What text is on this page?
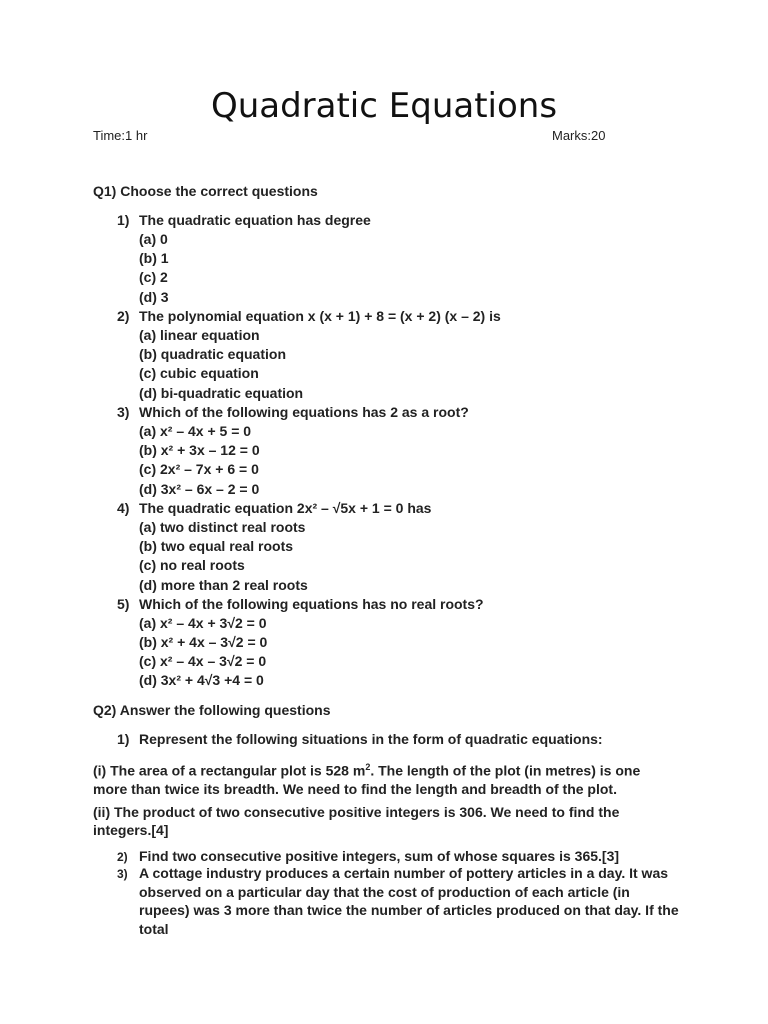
Quadratic Equations
Time:1 hr	Marks:20
Q1) Choose the correct questions
1) The quadratic equation has degree
(a) 0
(b) 1
(c) 2
(d) 3
2) The polynomial equation x (x + 1) + 8 = (x + 2) (x – 2) is
(a) linear equation
(b) quadratic equation
(c) cubic equation
(d) bi-quadratic equation
3) Which of the following equations has 2 as a root?
(a) x² – 4x + 5 = 0
(b) x² + 3x – 12 = 0
(c) 2x² – 7x + 6 = 0
(d) 3x² – 6x – 2 = 0
4) The quadratic equation 2x² – √5x + 1 = 0 has
(a) two distinct real roots
(b) two equal real roots
(c) no real roots
(d) more than 2 real roots
5) Which of the following equations has no real roots?
(a) x² – 4x + 3√2 = 0
(b) x² + 4x – 3√2 = 0
(c) x² – 4x – 3√2 = 0
(d) 3x² + 4√3 +4 = 0
Q2) Answer the following questions
1) Represent the following situations in the form of quadratic equations:
(i) The area of a rectangular plot is 528 $m^2$. The length of the plot (in metres) is one more than twice its breadth. We need to find the length and breadth of the plot.
(ii) The product of two consecutive positive integers is 306. We need to find the integers.[4]
2) Find two consecutive positive integers, sum of whose squares is 365.[3]
3) A cottage industry produces a certain number of pottery articles in a day. It was observed on a particular day that the cost of production of each article (in rupees) was 3 more than twice the number of articles produced on that day. If the total
